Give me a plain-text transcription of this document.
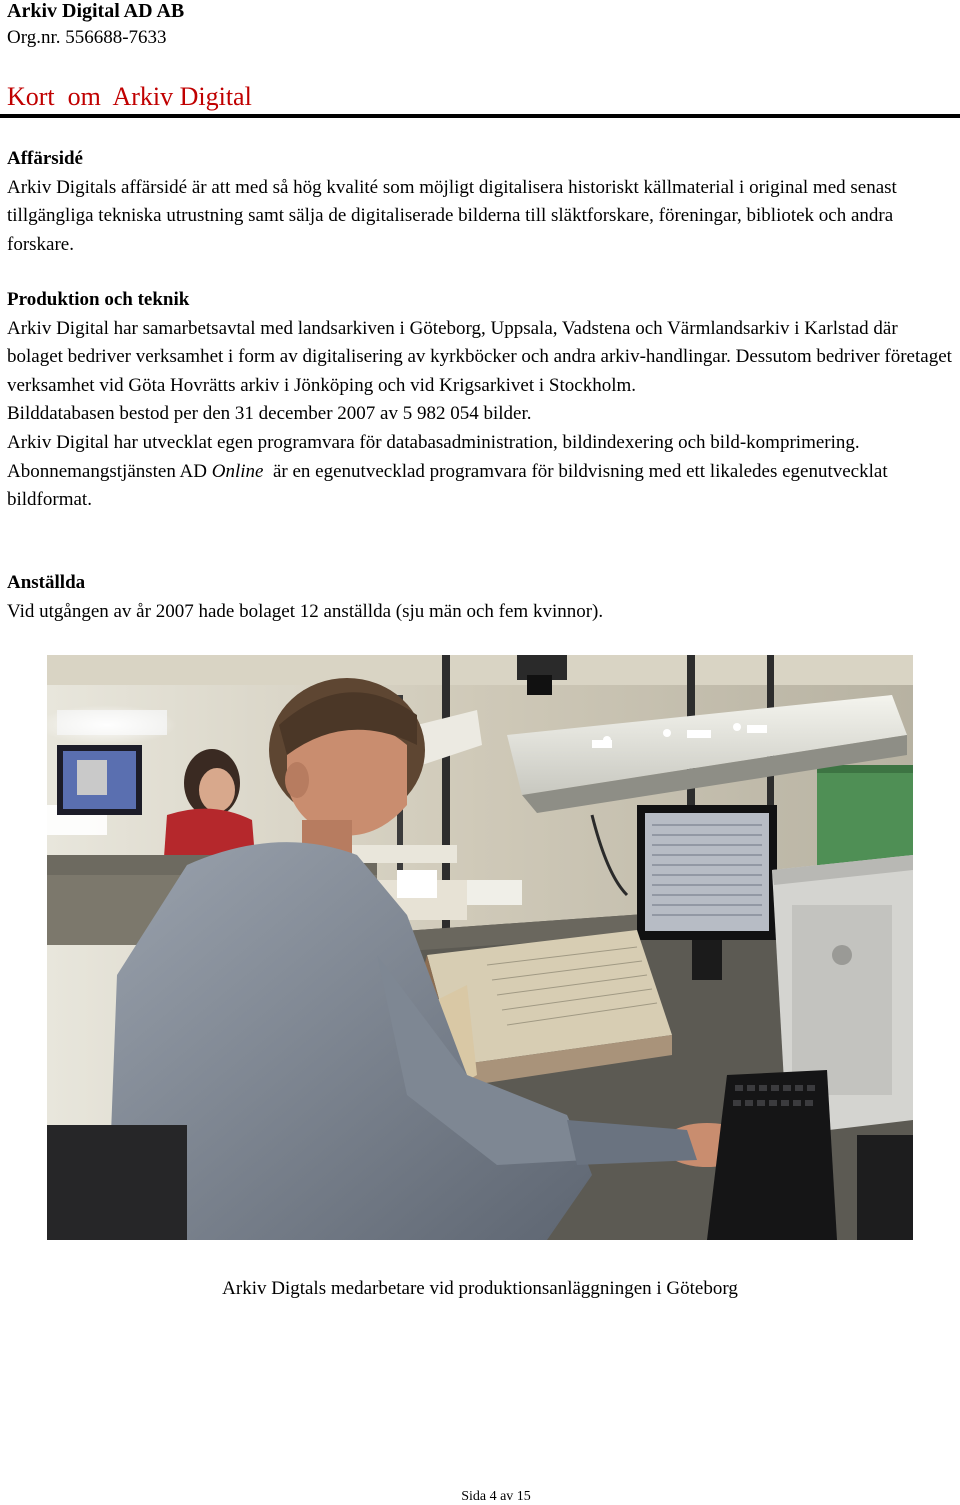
Arkiv Digital AD AB
Org.nr. 556688-7633
Kort  om  Arkiv Digital
Affärsidé

Arkiv Digitals affärsidé är att med så hög kvalité som möjligt digitalisera historiskt källmaterial i original med senast tillgängliga tekniska utrustning samt sälja de digitaliserade bilderna till släktforskare, föreningar, bibliotek och andra forskare.

Produktion och teknik

Arkiv Digital har samarbetsavtal med landsarkiven i Göteborg, Uppsala, Vadstena och Värmlandsarkiv i Karlstad där bolaget bedriver verksamhet i form av digitalisering av kyrkböcker och andra arkiv-handlingar. Dessutom bedriver företaget verksamhet vid Göta Hovrätts arkiv i Jönköping och vid Krigsarkivet i Stockholm.

Bilddatabasen bestod per den 31 december 2007 av 5 982 054 bilder.

Arkiv Digital har utvecklat egen programvara för databasadministration, bildindexering och bild-komprimering. Abonnemangstjänsten AD Online  är en egenutvecklad programvara för bildvisning med ett likaledes egenutvecklat bildformat.

Anställda

Vid utgången av år 2007 hade bolaget 12 anställda (sju män och fem kvinnor).

Arkiv Digtals medarbetare vid produktionsanläggningen i Göteborg
Sida 4 av 15
